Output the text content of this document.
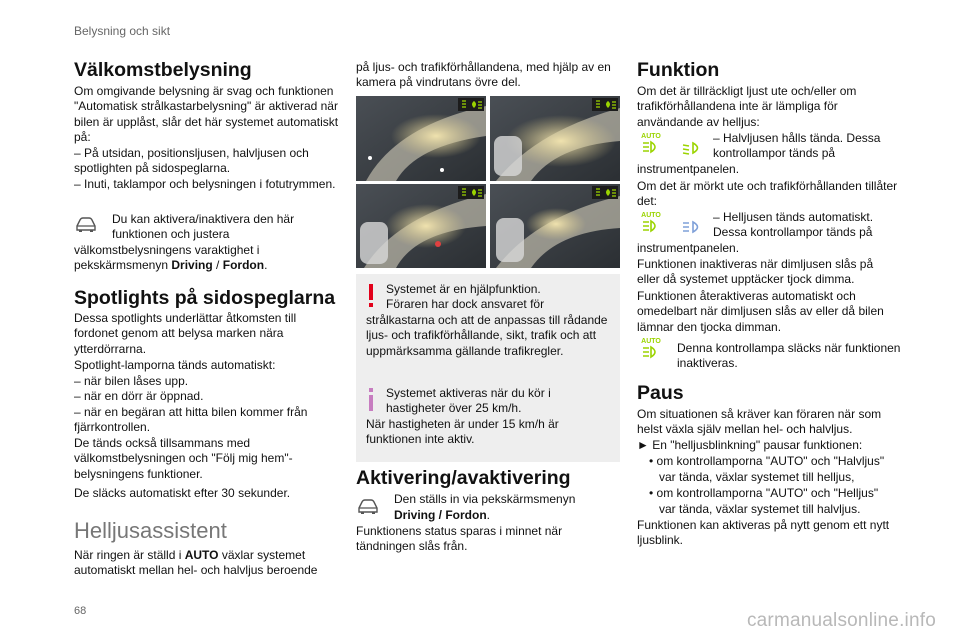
Belysning och sikt
Välkomstbelysning

Om omgivande belysning är svag och funktionen "Automatisk strålkastarbelysning" är aktiverad när bilen är upplåst, slår det här systemet automatiskt på:

– På utsidan, positionsljusen, halvljusen och spotlighten på sidospeglarna.

– Inuti, taklampor och belysningen i fotutrymmen.

Du kan aktivera/inaktivera den här funktionen och justera

välkomstbelysningens varaktighet i pekskärmsmenyn Driving / Fordon.

Spotlights på sidospeglarna

Dessa spotlights underlättar åtkomsten till fordonet genom att belysa marken nära ytterdörrarna.

Spotlight-lamporna tänds automatiskt:

– när bilen låses upp.

– när en dörr är öppnad.

– när en begäran att hitta bilen kommer från fjärrkontrollen.

De tänds också tillsammans med välkomstbelysningen och "Följ mig hem"-belysningens funktioner.

De släcks automatiskt efter 30 sekunder.

Helljusassistent

När ringen är ställd i AUTO växlar systemet automatiskt mellan hel- och halvljus beroende

på ljus- och trafikförhållandena, med hjälp av en kamera på vindrutans övre del.

Systemet är en hjälpfunktion.

Föraren har dock ansvaret för

strålkastarna och att de anpassas till rådande ljus- och trafikförhållande, sikt, trafik och att uppmärksamma gällande trafikregler.

Systemet aktiveras när du kör i

hastigheter över 25 km/h.

När hastigheten är under 15 km/h är funktionen inte aktiv.

Aktivering/avaktivering

Den ställs in via pekskärmsmenyn

Driving / Fordon.

Funktionens status sparas i minnet när tändningen slås från.

Funktion

Om det är tillräckligt ljust ute och/eller om trafikförhållandena inte är lämpliga för användande av helljus:

AUTO	– Halvljusen hålls tända. Dessa

kontrollampor tänds på

instrumentpanelen.

Om det är mörkt ute och trafikförhållanden tillåter det:

AUTO	– Helljusen tänds automatiskt.

Dessa kontrollampor tänds på

instrumentpanelen.

Funktionen inaktiveras när dimljusen slås på eller då systemet upptäcker tjock dimma.

Funktionen återaktiveras automatiskt och omedelbart när dimljusen slås av eller då bilen lämnar den tjocka dimman.

AUTO Denna kontrollampa släcks när funktionen

inaktiveras.

Paus

Om situationen så kräver kan föraren när som helst växla själv mellan hel- och halvljus.

► En "helljusblinkning" pausar funktionen:

• om kontrollamporna "AUTO" och "Halvljus"

var tända, växlar systemet till helljus,

• om kontrollamporna "AUTO" och "Helljus"

var tända, växlar systemet till halvljus.

Funktionen kan aktiveras på nytt genom ett nytt ljusblink.

68	carmanualsonline.info
